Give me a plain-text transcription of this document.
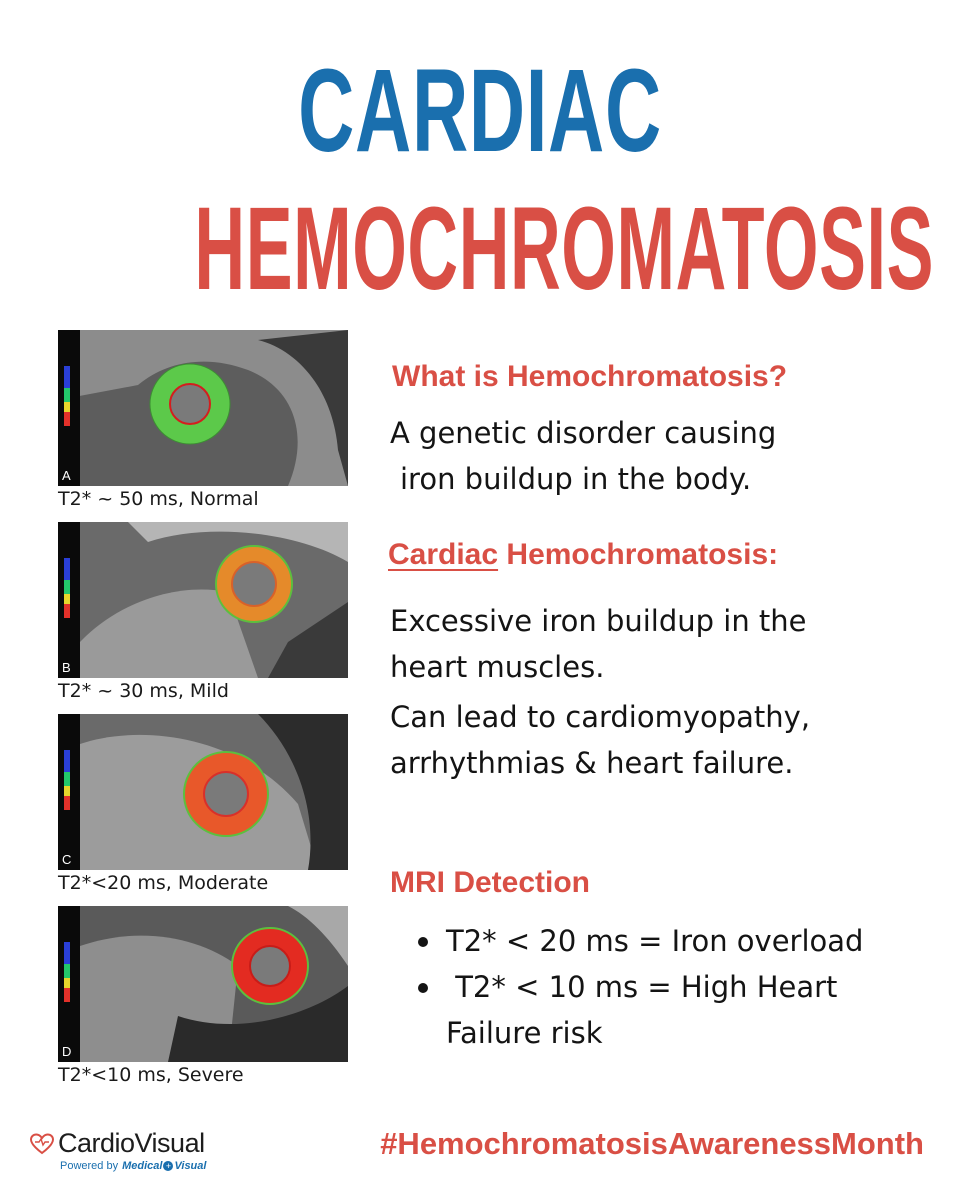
CARDIAC
HEMOCHROMATOSIS
A
T2* ~ 50 ms, Normal
B
T2* ~ 30 ms, Mild
C
T2*<20 ms, Moderate
D
T2*<10 ms, Severe
What is Hemochromatosis?
A genetic disorder causing
iron buildup in the body.
Cardiac Hemochromatosis:
Excessive iron buildup in the
heart muscles.
Can lead to cardiomyopathy,
arrhythmias & heart failure.
MRI Detection
T2* < 20 ms = Iron overload
T2* < 10 ms = High Heart
Failure risk
CardioVisual
Powered by Medical + Visual
#HemochromatosisAwarenessMonth
